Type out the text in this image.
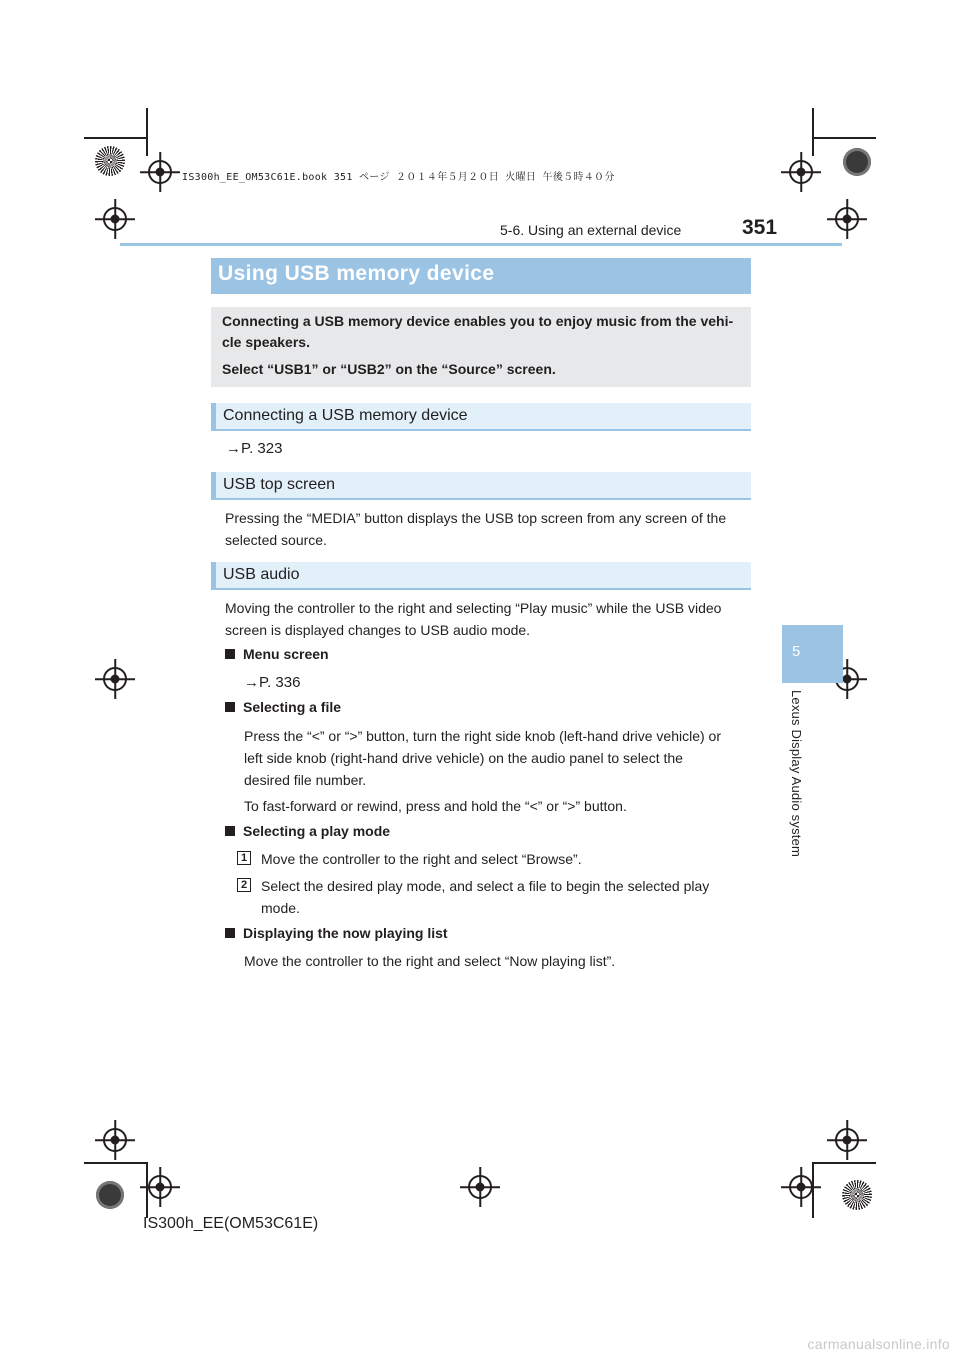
IS300h_EE_OM53C61E.book 351 ページ ２０１４年５月２０日 火曜日 午後５時４０分
5-6. Using an external device	351
Using USB memory device

Connecting a USB memory device enables you to enjoy music from the vehi-

cle speakers.

Select “USB1” or “USB2” on the “Source” screen.

Connecting a USB memory device
→P. 323
USB top screen
Pressing the “MEDIA” button displays the USB top screen from any screen of the
selected source.
USB audio
Moving the controller to the right and selecting “Play music” while the USB video
screen is displayed changes to USB audio mode.
Menu screen
→P. 336
Selecting a file
Press the “<” or “>” button, turn the right side knob (left-hand drive vehicle) or
left side knob (right-hand drive vehicle) on the audio panel to select the
desired file number.
To fast-forward or rewind, press and hold the “<” or “>” button.
Selecting a play mode
1 Move the controller to the right and select “Browse”.
2 Select the desired play mode, and select a file to begin the selected play
mode.
Displaying the now playing list
Move the controller to the right and select “Now playing list”.
5
Lexus Display Audio system
IS300h_EE(OM53C61E)
carmanualsonline.info
